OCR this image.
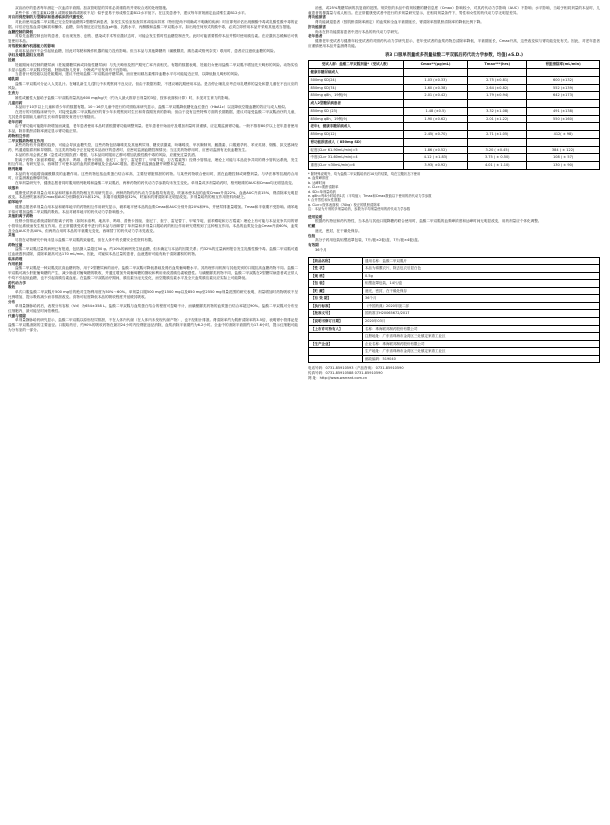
双盲治疗的患者每年测定一次血清半衰期。加双管明显的异常必须谨将药并采取合适的处理措施。

某些个体（维生素B12摄入或吸收障碍或吸收不足）似乎更易于形成维生素B12水平低下。在这类患者中，建议每年常规测定血清维生素B12水平。

对自用到控制的力型降尿和患者临床的代谢变化

对此前使用盐酸二甲双胍已完全控制血糖的2型糖尿病患者，如发生实验室检查异常或临床异常（特别是尚不明确或不明确的疾病）时应即刻评估出现酮酸中毒或乳酸性酸中毒的证据。评估应包括血清电解质和酮体、血糖，如有指征还应包括血pH值、乳酸水平、丙酮酸和盐酸二甲双胍水平。如出现任何形式的酸中毒，必须立即停用本品并采取其他适当措施。

血糖控制的降低

对原先血糖控制良好的患者，若出现发热、创伤、感染或手术等应激状态时，可能会发生暂时性血糖控制丧失。此时可能需要暂停本品并暂时使用胰岛素。在应激状态缓解后可恢复使用本品。

对驾驶和操作机器能力的影响

单用本品治疗不会引起低血糖，因此对驾驶和操作机器的能力没有影响。但当本品与其他降糖药（磺酰脲类、胰岛素或格列奈类）联用时，患者应注意低血糖的风险。

孕妇及哺乳期妇女用药

妊娠

妊娠期间未控制的糖尿病（妊娠期糖尿病或持续性糖尿病）与先天畸形及围产期死亡率升高相关。有限的数据表明，妊娠妇女使用盐酸二甲双胍不增加先天畸形的风险。动物实验未显示盐酸二甲双胍对妊娠、胚胎或胎儿发育、分娩或产后发育有不良影响。

当患者计划妊娠以及妊娠期间，建议不使用盐酸二甲双胍治疗糖尿病，而应使用胰岛素维持血糖水平尽可能接近正常，以降低胎儿畸形的风险。

哺乳期

盐酸二甲双胍可分泌入人类乳汁。在哺乳新生儿/婴儿中未观察到不良反应。但由于数据有限，不建议哺乳期使用本品。是否停止哺乳应考虑母乳喂养的益处和婴儿潜在不良反应的风险。

生育力

雄性或雌性大鼠给予盐酸二甲双胍剂量高达600 mg/kg/天（约为人最大推荐日剂量的3倍，按体表面积计算）时，未见对生育力的影响。

儿童用药

本品用于10岁以上儿童和青少年的数据有限。10～16岁儿童中进行的对照临床研究显示，盐酸二甲双胍降低糖化血红蛋白（HbA1c）以及降低空腹血糖的效应与成人相似。

在进行的对照临床研究中，对接受盐酸二甲双胍治疗的青少年未观察到对生长和青春期发育的影响；但由于没有这些特殊方面的长期数据，建议对接受盐酸二甲双胍治疗的儿童，尤其是青春期前儿童的生长和青春期发育进行仔细随访。

老年用药

由于肾功能可能随年龄增加而减退，老年患者使用本品时需根据肾功能调整剂量。老年患者开始治疗及增加剂量时须谨慎，应定期监测肾功能。一般不推荐80岁以上老年患者使用本品，除非肌酐清除率测定显示肾功能正常。

药物相互作用

二甲双胍药物相互作用

某些药物有升高糖的趋势，可能会导致血糖失控，这些药物包括噻嗪类及其他利尿剂、糖皮质激素、吩噻嗪类、甲状腺制剂、雌激素、口服避孕药、苯妥英钠、烟酸、拟交感神经药、钙通道阻滞剂和异烟肼。当这类药物给予正在接受本品治疗的患者时，应密切监测血糖控制情况；当这类药物停用时，应密切监测有无低血糖发生。

本品的作用会被乙醇（急性或长期饮酒）增强，与本品同时服用乙醇可增加乳酸性酸中毒的风险，应避免过量饮酒。

阳离子药物（如氨苯蝶啶、地高辛、吗啡、普鲁卡因胺、奎尼丁、奎宁、雷尼替丁、甲氧苄啶、万古霉素等）经肾小管排泌，理论上可能与本品竞争共同的肾小管转运系统，发生相互作用。有研究显示，西咪替丁可使本品的血药浓度峰值及全血AUC增加。建议密切监测血糖并调整本品剂量。

格列吡嗪

本品的有可能增高磺酰脲类的血糖作用。这些药物包括血浆蛋白结合率高、主要经肾脏排泄的药物。与某些药物联合使用时，需在血糖控制或调整剂量。与华法林等抗凝药合用时，应监测凝血酶原时间。

在单剂量研究中，健康志愿者同时服用格列吡嗪和盐酸二甲双胍后，两种药物的药代动力学参数均未发生变化。单剂量或多剂量给药时，格列吡嗪的AUC和Cmax均无明显改变。

呋塞米

健康受试者单剂量合用本品和呋塞米的药物相互作用研究显示，两种药物的药代动力学参数均有改变。呋塞米使本品的血浆Cmax升高22%，血液AUC升高15%，肾清除率无明显改变。本品使呋塞米的Cmax和AUC分别降低31%和12%，末端半衰期降低32%，呋塞米的肾清除率无明显改变。多剂量给药的相互作用资料尚缺乏。

硝苯地平

健康志愿者单剂量合用本品和硝苯地平的药物相互作用研究显示，硝苯地平使本品的血浆Cmax和AUC分别升高20%和9%，并使尿排泄量增加。Tmax和半衰期不受影响。硝苯地平似可增加盐酸二甲双胍的吸收。本品对硝苯地平的药代动力学影响极小。

其他阳离子药物

经肾小管排泌系统清除的阳离子药物（如阿米洛利、地高辛、吗啡、普鲁卡因胺、奎尼丁、奎宁、雷尼替丁、甲氧苄啶、氨苯蝶啶和万古霉素）理论上有可能与本品竞争共同的肾小管转运系统而发生相互作用。在正常健康受试者中进行的本品与西咪替丁单剂量和多剂量口服给药的相互作用研究观察到了这种相互作用。本品的血浆及全血Cmax升高60%，血浆及全血AUC升高40%，但两药合用时本品的半衰期无变化，西咪替丁的药代动力学未见改变。

其他

尽管在动物研究中尚未显示盐酸二甲双胍的致癌性，但在人体中的长期安全性资料有限。

药物过量

盐酸二甲双胍过量的病例已有报道，包括摄入量超过50 g。约10%的病例发生低血糖，但未确定与本品的因果关系；约32%的过量病例报告发生乳酸性酸中毒。盐酸二甲双胍可通过血液透析清除，清除率最高可达170 mL/min。因此，对疑似本品过量的患者，血液透析可能有助于清除蓄积的药物。

临床药理

作用机制

盐酸二甲双胍是一种双胍类抗高血糖药物，用于2型糖尿病的治疗。盐酸二甲双胍可降低基础及餐后血浆葡萄糖水平。其药理作用机制与其他类别的口服抗高血糖药物不同。盐酸二甲双胍可减少肝脏葡萄糖的产生，减少肠道对葡萄糖的吸收，并通过增加外周葡萄糖的摄取和利用来改善胰岛素敏感性。与磺酰脲类药物不同，盐酸二甲双胍在2型糖尿病患者或正常人中均不引起低血糖，也不引起高胰岛素血症。在盐酸二甲双胍治疗期间，胰岛素分泌无变化，而空腹胰岛素水平及全天血浆胰岛素反应实际上可能降低。

药代动力学

吸收

单次口服盐酸二甲双胍片500 mg后的绝对生物利用度为50%～60%。单剂量口服500 mg至1500 mg以及850 mg至2550 mg剂量范围的研究表明，剂量增加时药物吸收不呈比例增加，提示吸收减少而非排泄改变。食物可轻度降低本品的吸收程度并延缓其吸收。

分布

单剂量静脉给药后，表观分布容积（Vd）为654±358 L。盐酸二甲双胍与血浆蛋白结合的程度可忽略不计，而磺酰脲类药物的血浆蛋白结合率超过90%。盐酸二甲双胍可分布至红细胞内，最可能呈时间依赖性。

代谢与消除

单剂量静脉给药研究显示，盐酸二甲双胍以原形经尿排泄，不在人体内代谢（在人体内未发现代谢产物），也不经胆汁排泄。肾清除率约为肌酐清除率的3.5倍，表明肾小管排泌是盐酸二甲双胍消除的主要途径。口服给药后，约90%的吸收药物在最初24小时内经肾脏途径消除，血浆消除半衰期约为6.2小时。全血中的消除半衰期约为17.6小时，提示红细胞可能为分布室的一部分。

治愈，或25%集糖尿病的抗复衰的范围。剂效依的未品中将剂较糖的糖信息度（Cmax）影响较小，对其药代动力学影响（AUC）不影响；水平影响，当给予相同剂量的本品时，儿童患者的暴露量与成人相当。在正常健康受试者中进行的多剂量研究显示，在相同剂量条件下，男性和女性的药代动力学无明显差异。

肾功能损害

肾功能减退患者（按肌酐清除率测定）的血浆和全血半衰期延长，肾清除率按肌酐清除率的降低比例下降。

肝功能损害

尚未在肝功能损害患者中进行本品的药代动力学研究。

老年患者

健康老年受试者与健康年轻受试者的对照药代动力学研究显示，老年受试者的血浆药物总清除率降低，半衰期延长，Cmax升高，这些改变似与肾功能变化有关。因此，对老年患者应谨慎使用本品并监测肾功能。

表3 口服单剂量或多剂量盐酸二甲双胍后药代动力学参数，均值(±S.D.)
受试人群：盐酸二甲双胍剂量*（受试人数）	Cmax**(μg/mL)	Tmax***(hrs)	肾脏清除率(mL/min)
健康非糖尿病成人			
500mg SD(24)	1.03 (±0.33)	2.75 (±0.81)	600 (±132)
850mg SD(74)	1.60 (±0.38)	2.64 (±0.82)	552 (±139)
850mg q8h，19例(9)	2.01 (±0.42)	1.79 (±0.94)	642 (±173)
成人2型糖尿病患者			
850mg SD (23)	1.48 (±0.5)	3.32 (±1.08)	491 (±138)
850mg q8h，19例(9)	1.90 (±0.62)	2.01 (±1.22)	550 (±160)
老年†，健康非糖尿病成人			
850mg SD(12)	2.45( ±0.70)	2.71 (±1.05)	412( ± 98)
肾功能损害成人（ 850mg SD）			
轻度(CLcr 61-90mL/min)=5	1.86 (±0.52)	3.20 ( ±0.45)	384 ( ± 122)
中度(CLcr 31-60mL/min)=4	4.12 ( ±1.83)	3.75 ( ± 0.50)	108 ( ± 57)
重度(CLcr <30mL/min)=6	3.93( ±0.92)	4.01 ( ± 1.10)	130 ( ± 90)
* 除特殊说明外，均为盐酸二甲双胍给药后10天的结果，均在空腹状态下使用
a. 血浆峰浓度
b. 达峰时间
c. CLcr=肌酐清除率
d. SD=单剂量给药
e. q8h=每8小时给药1次（平均值）；Tmax和Cmax数值以下使用的药代动力学参数
f. 合并男性和女性数据
g. CLcr=按体表面积（70kg）校正的肌酐清除率
注：本品为片剂的多剂量给药，参数为平均剂量使用的药代动力学参数

使用说明

根据药代特征和药代特性，当本品与其他口服降糖药联合使用时，盐酸二甲双胍的血浆峰浓度和达峰时间无明显改变，用药剂量应个体化调整。

贮藏

遮光，密封，在干燥处保存。

包装

高分子药用包装铝塑泡罩包装，7片/板×2板/盒、7片/板×4板/盒。

有效期

36个月

【药品名称】	通用名称：盐酸二甲双胍片
【性 状】	本品为薄膜衣片，除去包衣后显白色
【规 格】	0.5g
【包 装】	铝塑泡罩包装，14片/盒
【贮 藏】	遮光，密封，在干燥处保存
【有 效 期】	36个月
【执行标准】	《中国药典》2020年版二部
【批准文号】	国药准字H20065672/2017
【说明书修订日期】	2020年03月
【上市许可持有人】	名称：珠海联邦制药股份有限公司
注册地址：广东省珠海市金湾区三灶镇定家湾工业区
【生产企业】	企业名称：珠海联邦制药股份有限公司
生产地址：广东省珠海市金湾区三灶镇定家湾工业区
邮政编码：519040
电话号码：0731-85910593（产品咨询） 0731-85910590
传真号码：0731-85910588 0731-85910590
网 址：http://www.warrant.com.cn
